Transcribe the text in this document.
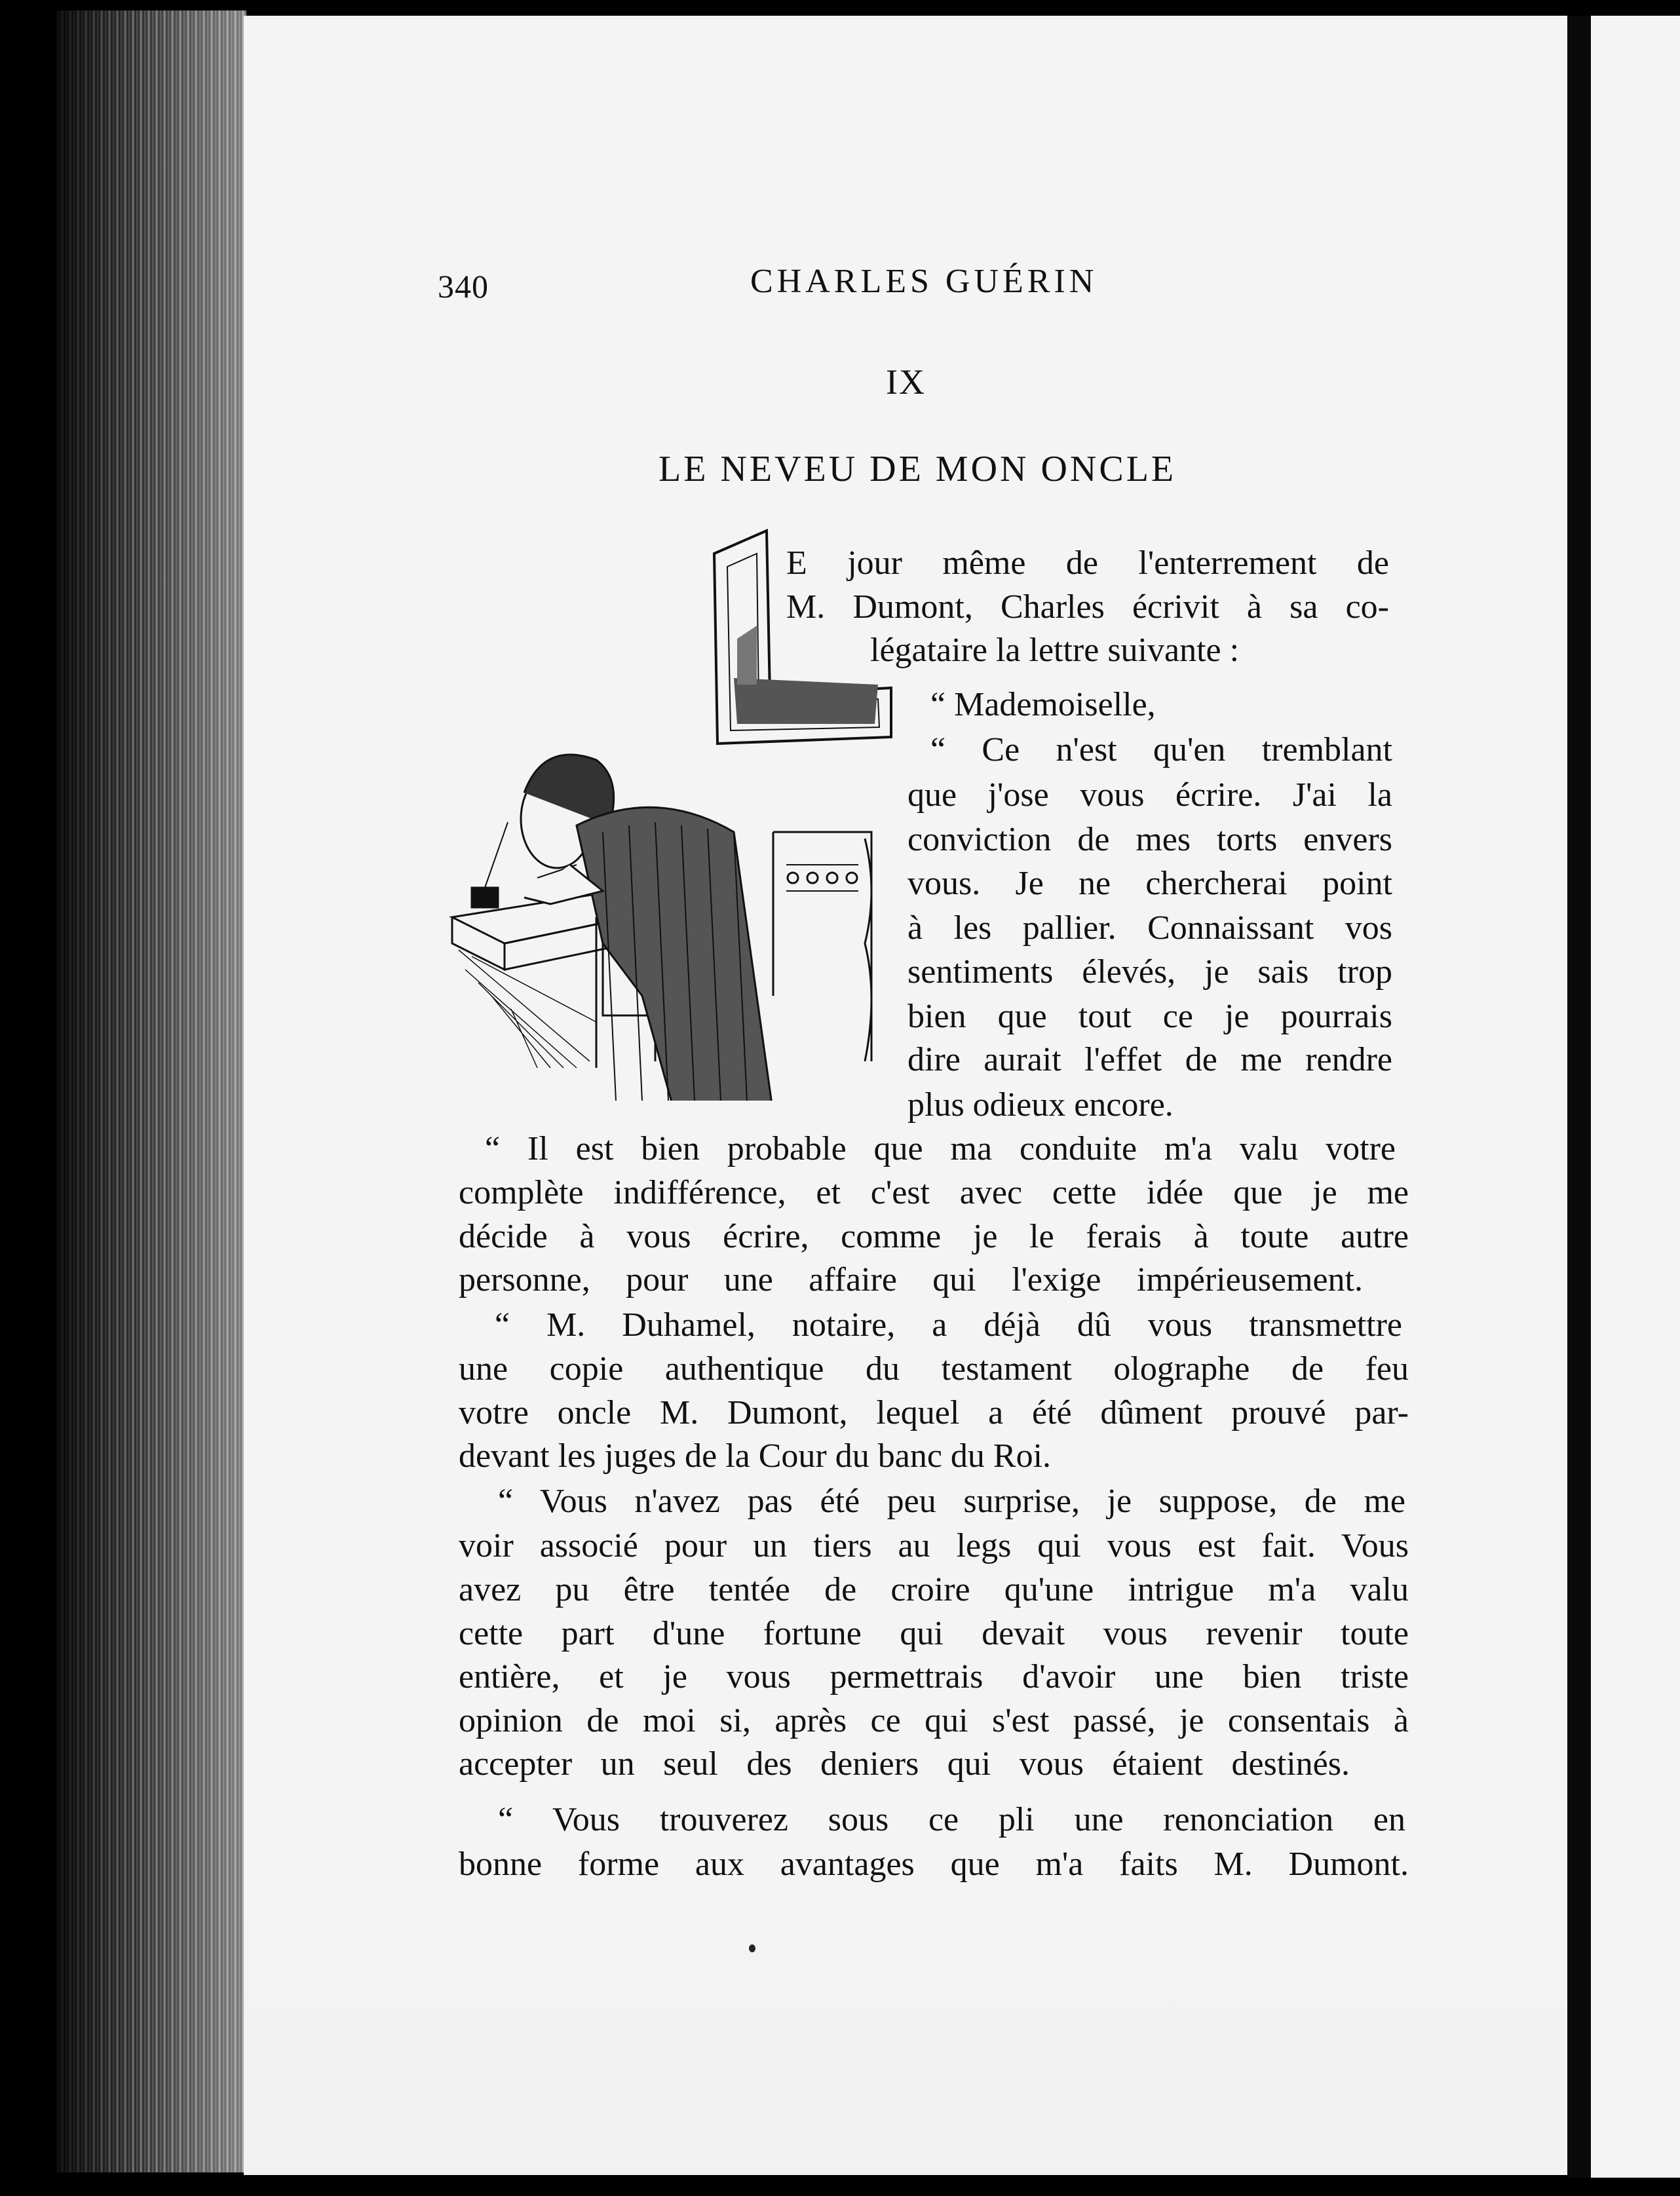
340	CHARLES GUÉRIN
IX
LE NEVEU DE MON ONCLE
E jour même de l'enterrement de
M. Dumont, Charles écrivit à sa co-
légataire la lettre suivante :
“ Mademoiselle,
“ Ce n'est qu'en tremblant
que j'ose vous écrire. J'ai la
conviction de mes torts envers
vous. Je ne chercherai point
à les pallier. Connaissant vos
sentiments élevés, je sais trop
bien que tout ce je pourrais
dire aurait l'effet de me rendre
plus odieux encore.
“ Il est bien probable que ma conduite m'a valu votre
complète indifférence, et c'est avec cette idée que je me
décide à vous écrire, comme je le ferais à toute autre
personne, pour une affaire qui l'exige impérieusement.
“ M. Duhamel, notaire, a déjà dû vous transmettre
une copie authentique du testament olographe de feu
votre oncle M. Dumont, lequel a été dûment prouvé par-
devant les juges de la Cour du banc du Roi.
“ Vous n'avez pas été peu surprise, je suppose, de me
voir associé pour un tiers au legs qui vous est fait. Vous
avez pu être tentée de croire qu'une intrigue m'a valu
cette part d'une fortune qui devait vous revenir toute
entière, et je vous permettrais d'avoir une bien triste
opinion de moi si, après ce qui s'est passé, je consentais à
accepter un seul des deniers qui vous étaient destinés.
“ Vous trouverez sous ce pli une renonciation en
bonne forme aux avantages que m'a faits M. Dumont.
